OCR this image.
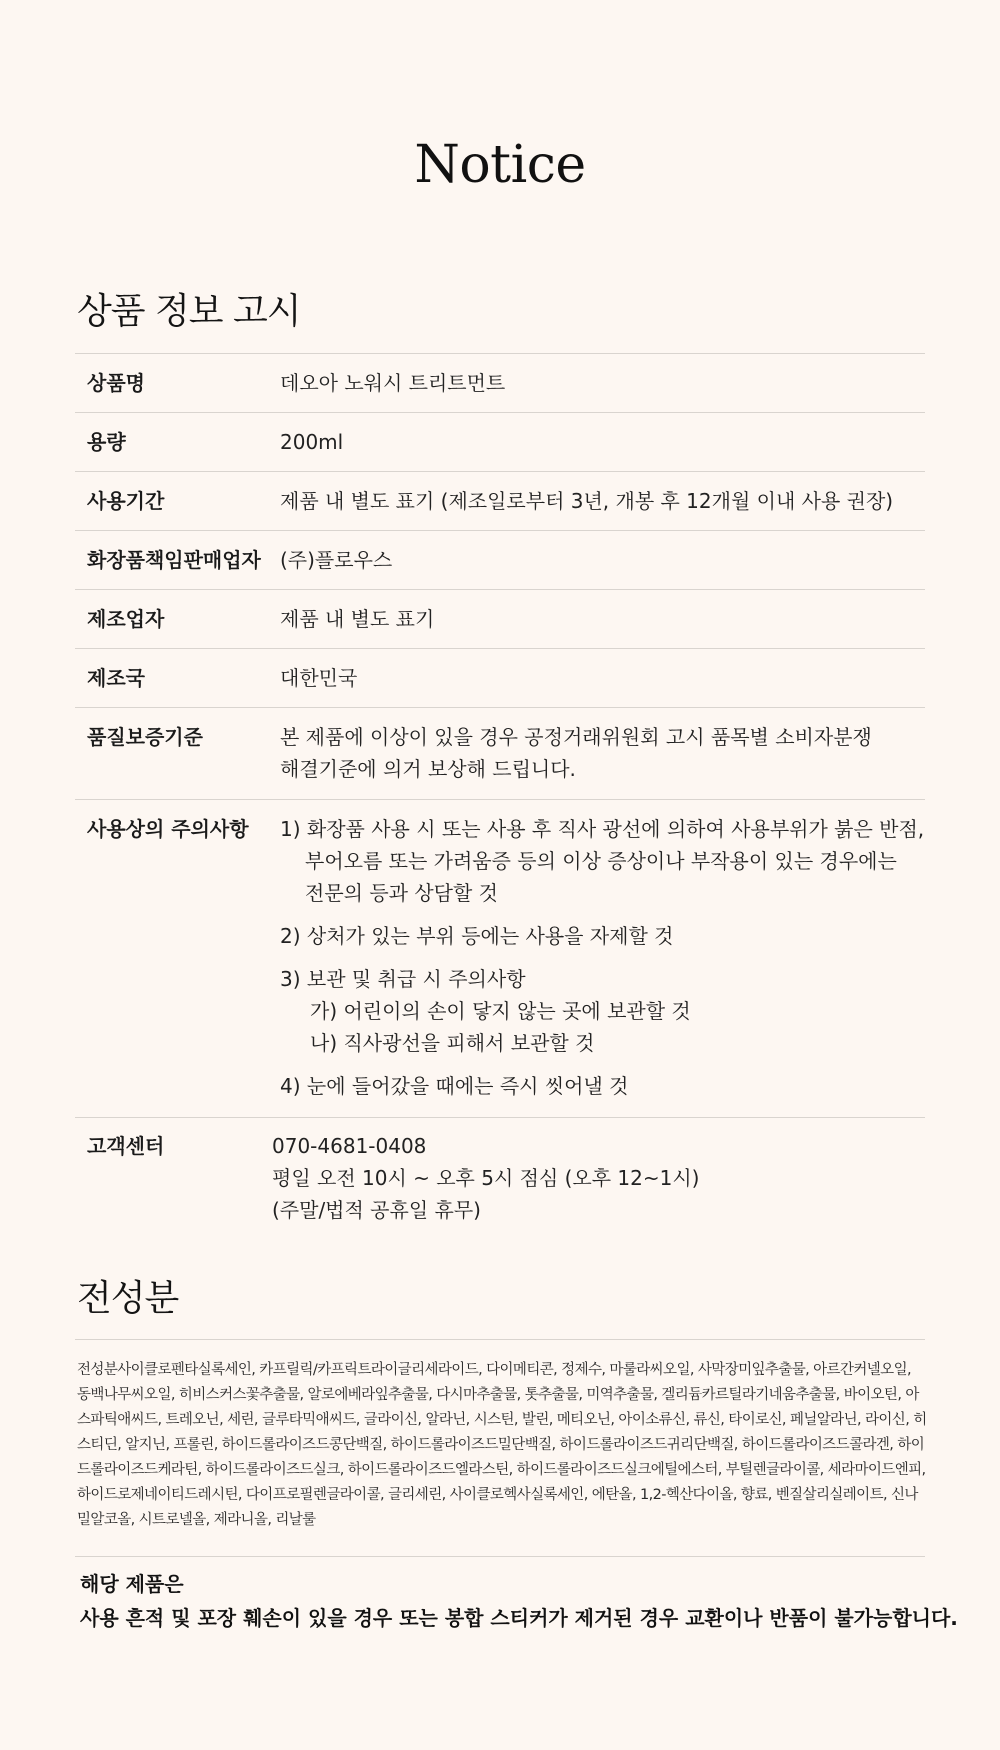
Notice
상품 정보 고시
상품명	데오아 노워시 트리트먼트
용량	200ml
사용기간	제품 내 별도 표기 (제조일로부터 3년, 개봉 후 12개월 이내 사용 권장)
화장품책임판매업자 (주)플로우스
제조업자	제품 내 별도 표기
제조국	대한민국
품질보증기준	본 제품에 이상이 있을 경우 공정거래위원회 고시 품목별 소비자분쟁
해결기준에 의거 보상해 드립니다.
사용상의 주의사항	1) 화장품 사용 시 또는 사용 후 직사 광선에 의하여 사용부위가 붉은 반점,
부어오름 또는 가려움증 등의 이상 증상이나 부작용이 있는 경우에는
전문의 등과 상담할 것
2) 상처가 있는 부위 등에는 사용을 자제할 것
3) 보관 및 취급 시 주의사항
가) 어린이의 손이 닿지 않는 곳에 보관할 것
나) 직사광선을 피해서 보관할 것
4) 눈에 들어갔을 때에는 즉시 씻어낼 것
고객센터	070-4681-0408
평일 오전 10시 ~ 오후 5시 점심 (오후 12~1시)
(주말/법적 공휴일 휴무)
전성분
전성분사이클로펜타실록세인, 카프릴릭/카프릭트라이글리세라이드, 다이메티콘, 정제수, 마룰라씨오일, 사막장미잎추출물, 아르간커넬오일, 동백나무씨오일, 히비스커스꽃추출물, 알로에베라잎추출물, 다시마추출물, 톳추출물, 미역추출물, 겔리듐카르틸라기네움추출물, 바이오틴, 아스파틱애씨드, 트레오닌, 세린, 글루타믹애씨드, 글라이신, 알라닌, 시스틴, 발린, 메티오닌, 아이소류신, 류신, 타이로신, 페닐알라닌, 라이신, 히스티딘, 알지닌, 프롤린, 하이드롤라이즈드콩단백질, 하이드롤라이즈드밀단백질, 하이드롤라이즈드귀리단백질, 하이드롤라이즈드콜라겐, 하이드롤라이즈드케라틴, 하이드롤라이즈드실크, 하이드롤라이즈드엘라스틴, 하이드롤라이즈드실크에틸에스터, 부틸렌글라이콜, 세라마이드엔피, 하이드로제네이티드레시틴, 다이프로필렌글라이콜, 글리세린, 사이클로헥사실록세인, 에탄올, 1,2-헥산다이올, 향료, 벤질살리실레이트, 신나밀알코올, 시트로넬올, 제라니올, 리날룰
해당 제품은
사용 흔적 및 포장 훼손이 있을 경우 또는 봉합 스티커가 제거된 경우 교환이나 반품이 불가능합니다.
